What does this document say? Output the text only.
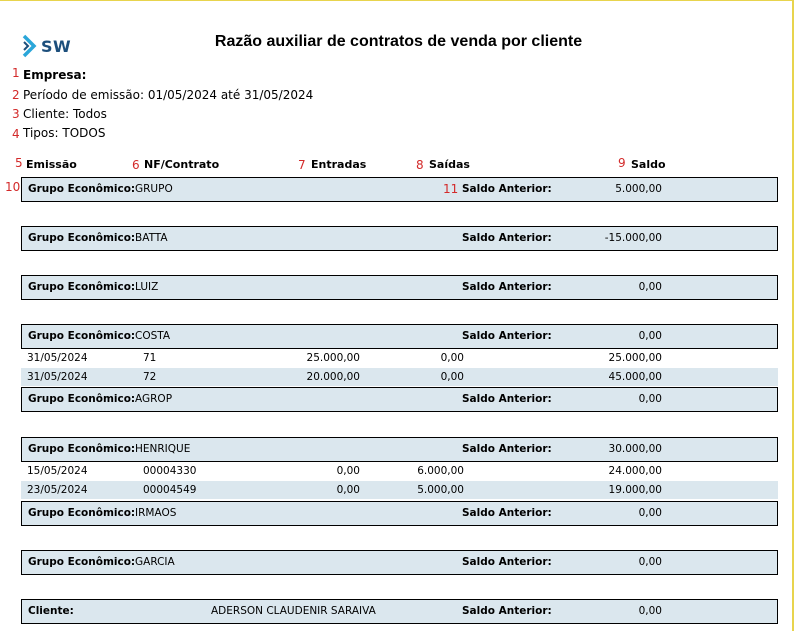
SW	Razão auxiliar de contratos de venda por cliente
1
2
3
4
Empresa:
Período de emissão: 01/05/2024 até 31/05/2024
Cliente: Todos
Tipos: TODOS
5 Emissão	6 NF/Contrato	7 Entradas	8 Saídas	9 Saldo
10	11
Grupo Econômico: GRUPO	Saldo Anterior:	5.000,00
Grupo Econômico: BATTA	Saldo Anterior:	-15.000,00
Grupo Econômico: LUIZ	Saldo Anterior:	0,00
Grupo Econômico: COSTA	Saldo Anterior:	0,00
31/05/2024	71	25.000,00	0,00	25.000,00
31/05/2024	72	20.000,00	0,00	45.000,00
Grupo Econômico: AGROP	Saldo Anterior:	0,00
Grupo Econômico: HENRIQUE	Saldo Anterior:	30.000,00
15/05/2024	00004330	0,00	6.000,00	24.000,00
23/05/2024	00004549	0,00	5.000,00	19.000,00
Grupo Econômico: IRMAOS	Saldo Anterior:	0,00
Grupo Econômico: GARCIA	Saldo Anterior:	0,00
Cliente:	ADERSON CLAUDENIR SARAIVA	Saldo Anterior:	0,00
